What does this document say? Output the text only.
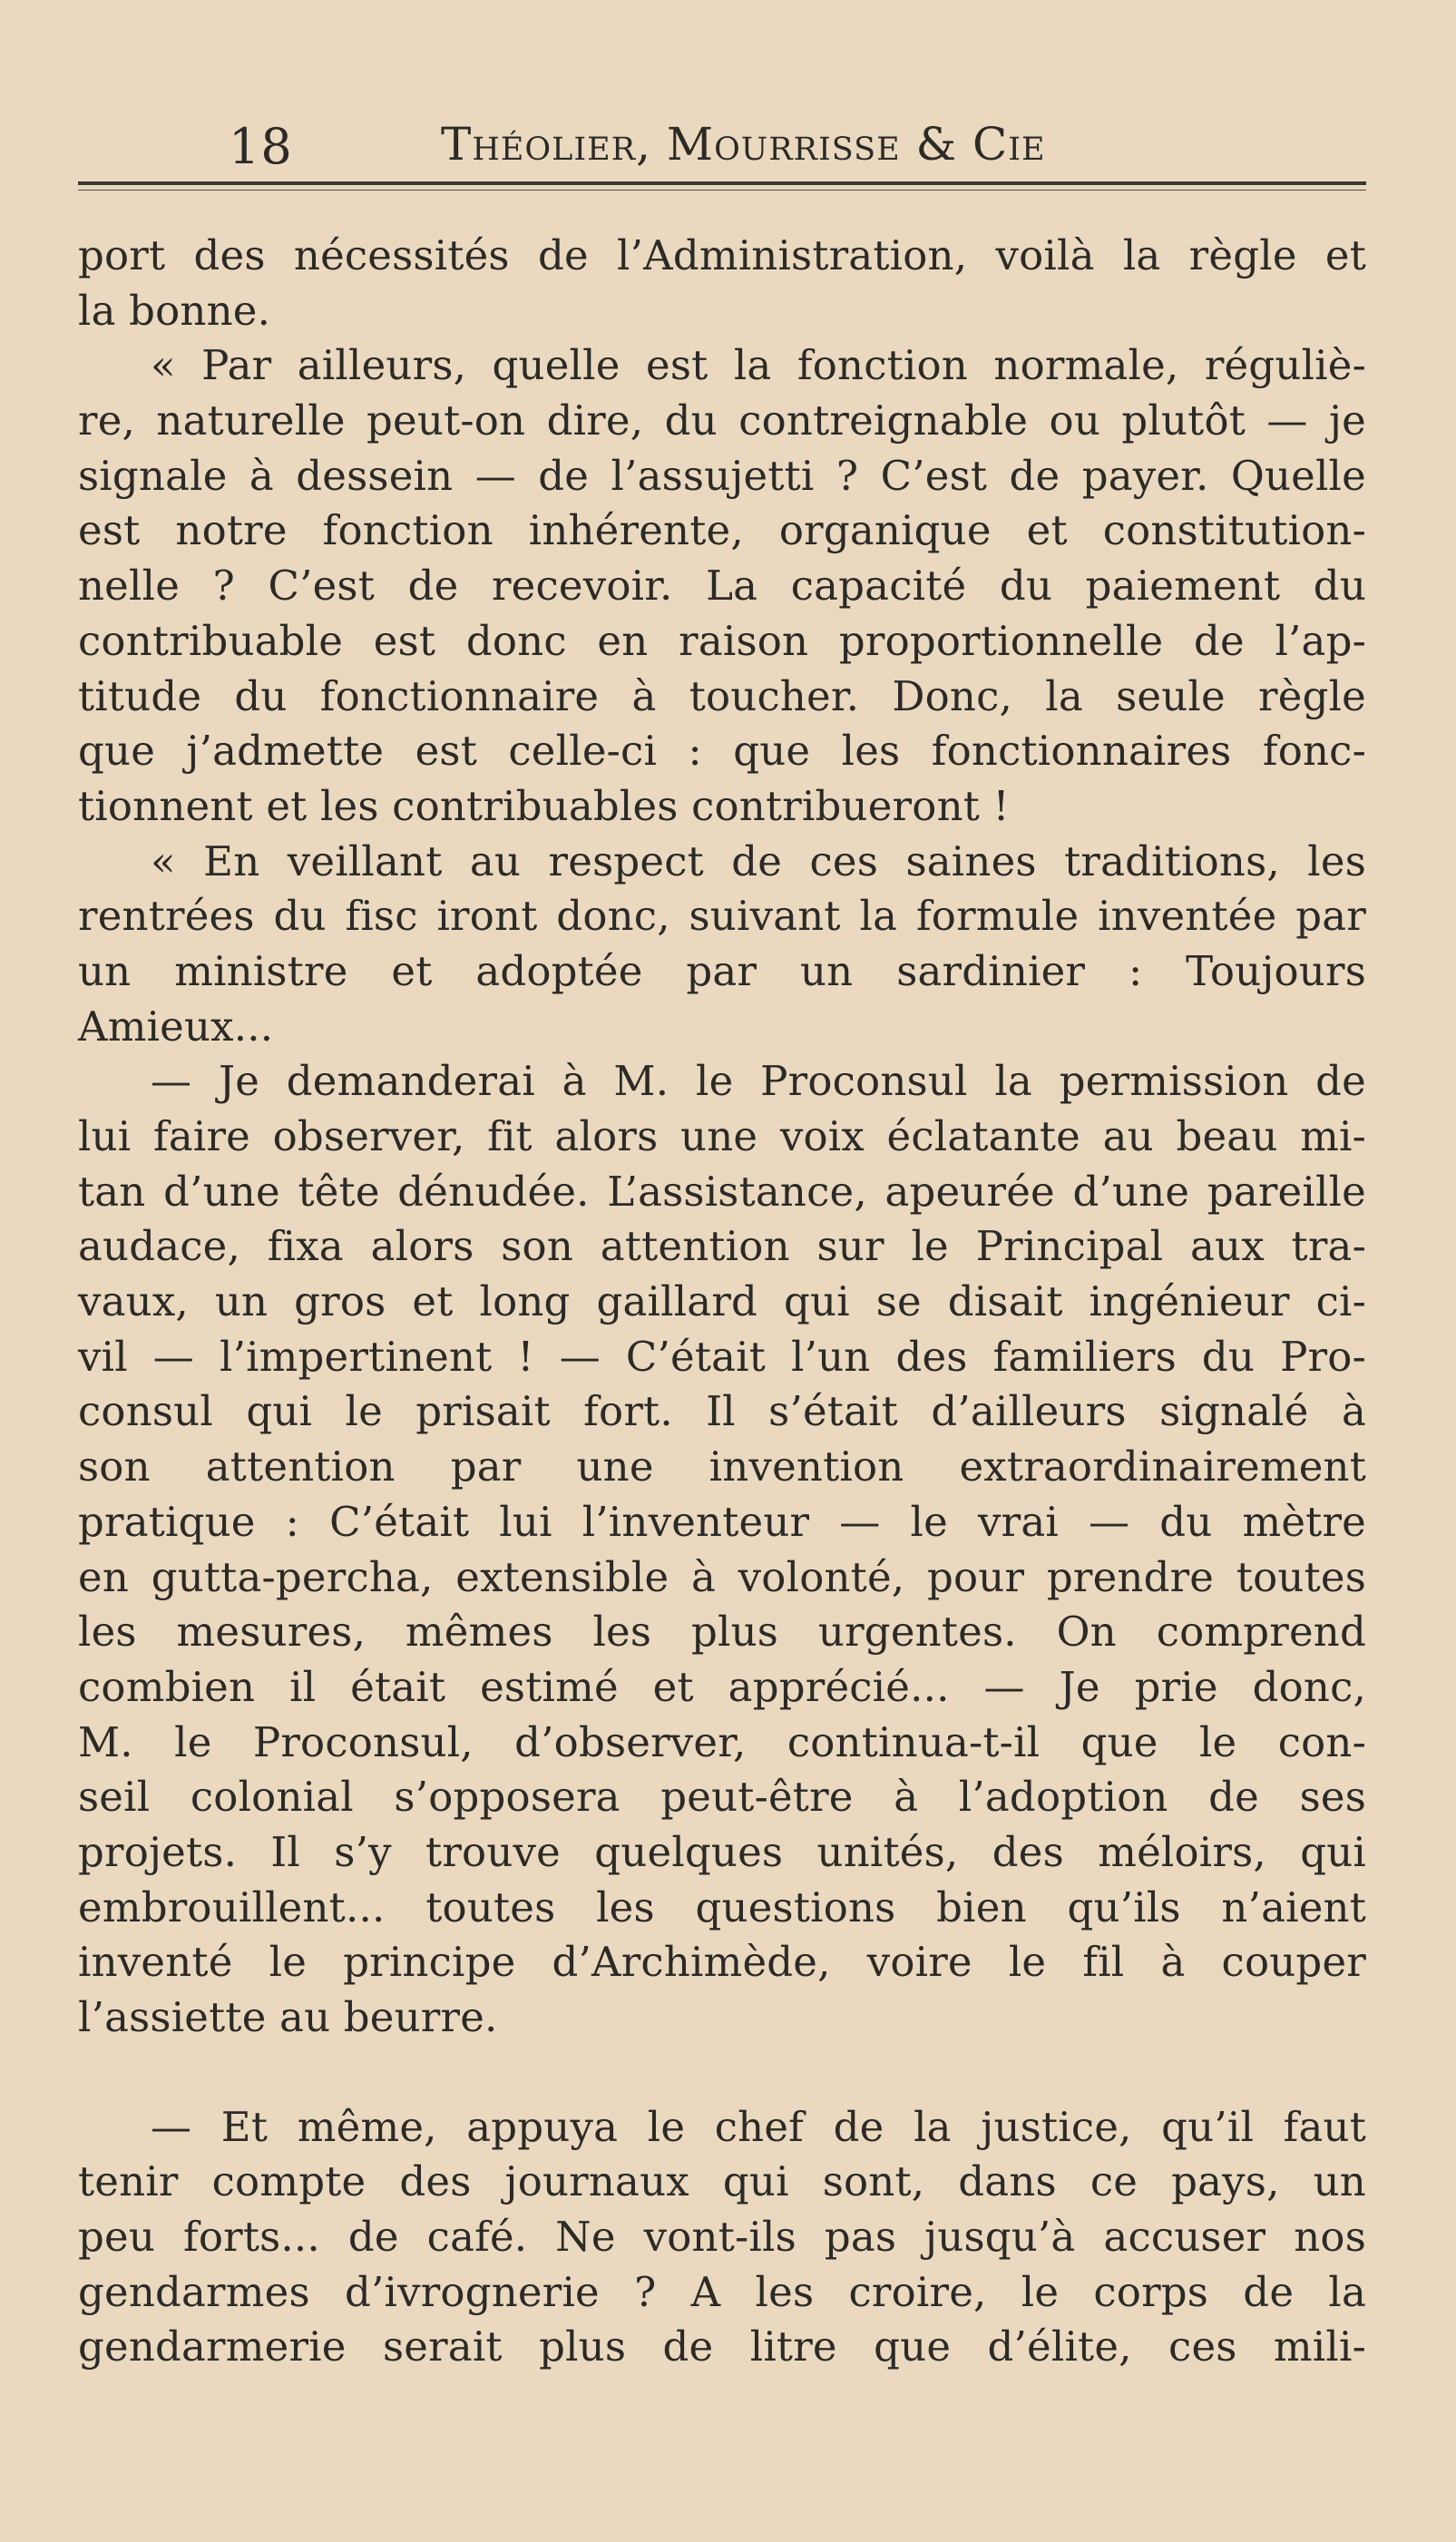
18	Théolier, Mourrisse & Cie
port des nécessités de l’Administration, voilà la règle et
la bonne.
« Par ailleurs, quelle est la fonction normale, réguliè-
re, naturelle peut-on dire, du contreignable ou plutôt — je
signale à dessein — de l’assujetti ? C’est de payer. Quelle
est notre fonction inhérente, organique et constitution-
nelle ? C’est de recevoir. La capacité du paiement du
contribuable est donc en raison proportionnelle de l’ap-
titude du fonctionnaire à toucher. Donc, la seule règle
que j’admette est celle-ci : que les fonctionnaires fonc-
tionnent et les contribuables contribueront !
« En veillant au respect de ces saines traditions, les
rentrées du fisc iront donc, suivant la formule inventée par
un ministre et adoptée par un sardinier : Toujours
Amieux...
— Je demanderai à M. le Proconsul la permission de
lui faire observer, fit alors une voix éclatante au beau mi-
tan d’une tête dénudée. L’assistance, apeurée d’une pareille
audace, fixa alors son attention sur le Principal aux tra-
vaux, un gros et long gaillard qui se disait ingénieur ci-
vil — l’impertinent ! — C’était l’un des familiers du Pro-
consul qui le prisait fort. Il s’était d’ailleurs signalé à
son attention par une invention extraordinairement
pratique : C’était lui l’inventeur — le vrai — du mètre
en gutta-percha, extensible à volonté, pour prendre toutes
les mesures, mêmes les plus urgentes. On comprend
combien il était estimé et apprécié... — Je prie donc,
M. le Proconsul, d’observer, continua-t-il que le con-
seil colonial s’opposera peut-être à l’adoption de ses
projets. Il s’y trouve quelques unités, des méloirs, qui
embrouillent... toutes les questions bien qu’ils n’aient
inventé le principe d’Archimède, voire le fil à couper
l’assiette au beurre.
— Et même, appuya le chef de la justice, qu’il faut
tenir compte des journaux qui sont, dans ce pays, un
peu forts... de café. Ne vont-ils pas jusqu’à accuser nos
gendarmes d’ivrognerie ? A les croire, le corps de la
gendarmerie serait plus de litre que d’élite, ces mili-
